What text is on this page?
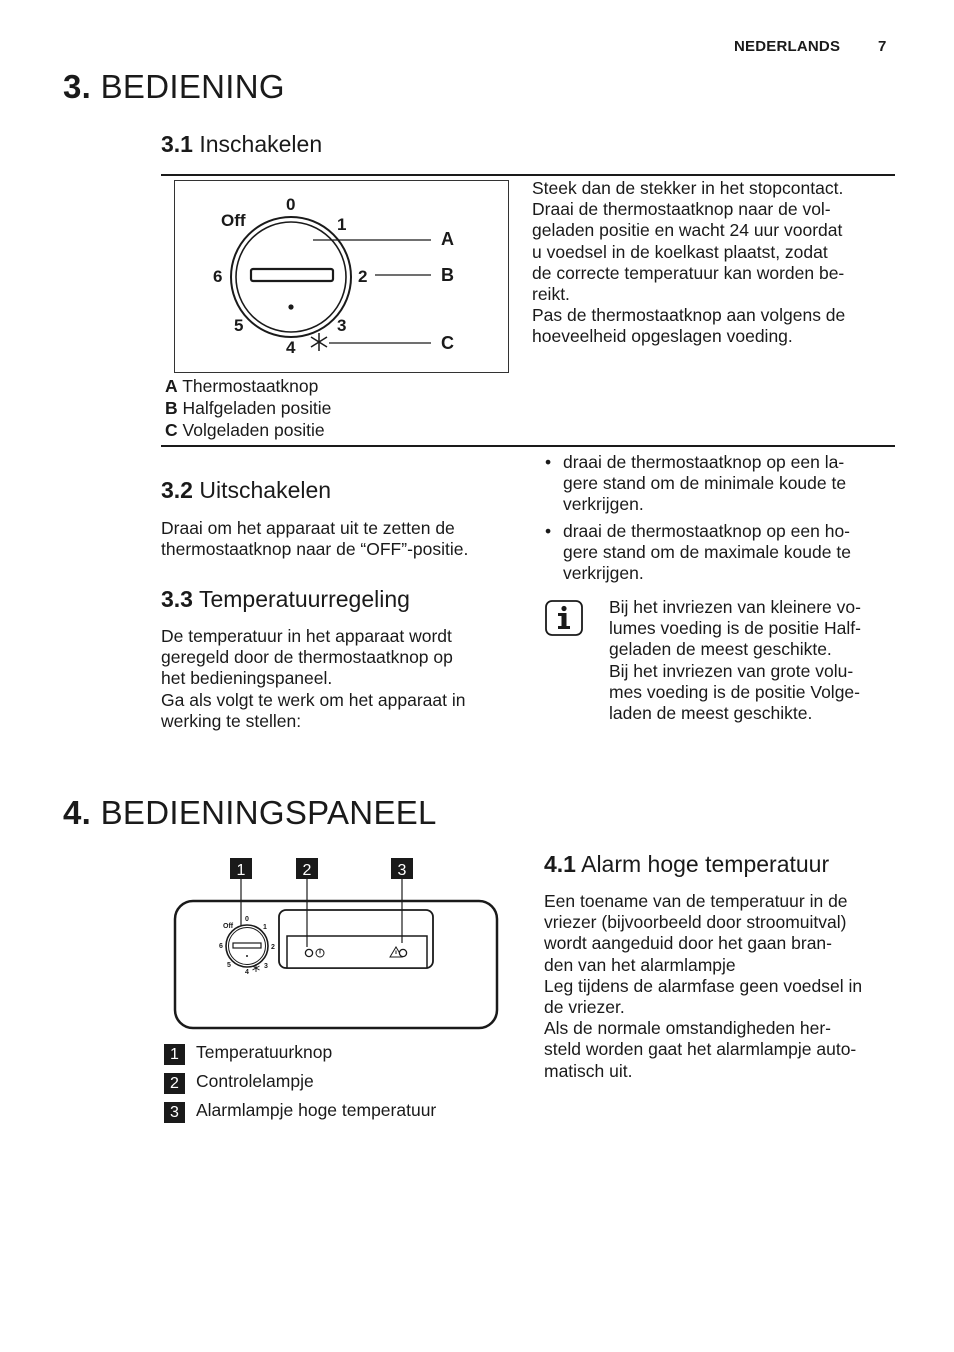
NEDERLANDS	7
3. BEDIENING
3.1 Inschakelen
Off
0
1
2
3
4
5
6
A
B
C
A Thermostaatknop
B Halfgeladen positie
C Volgeladen positie
Steek dan de stekker in het stopcontact.
Draai de thermostaatknop naar de vol-
geladen positie en wacht 24 uur voordat
u voedsel in de koelkast plaatst, zodat
de correcte temperatuur kan worden be-
reikt.
Pas de thermostaatknop aan volgens de
hoeveelheid opgeslagen voeding.
3.2 Uitschakelen
Draai om het apparaat uit te zetten de
thermostaatknop naar de “OFF”-positie.
3.3 Temperatuurregeling
De temperatuur in het apparaat wordt
geregeld door de thermostaatknop op
het bedieningspaneel.
Ga als volgt te werk om het apparaat in
werking te stellen:
• draai de thermostaatknop op een la-
gere stand om de minimale koude te
verkrijgen.
• draai de thermostaatknop op een ho-
gere stand om de maximale koude te
verkrijgen.
Bij het invriezen van kleinere vo-
lumes voeding is de positie Half-
geladen de meest geschikte.
Bij het invriezen van grote volu-
mes voeding is de positie Volge-
laden de meest geschikte.
4. BEDIENINGSPANEEL
1	2	3
Off
0
1
2
3
4
5
6
1 Temperatuurknop
2 Controlelampje
3 Alarmlampje hoge temperatuur
4.1 Alarm hoge temperatuur
Een toename van de temperatuur in de
vriezer (bijvoorbeeld door stroomuitval)
wordt aangeduid door het gaan bran-
den van het alarmlampje
Leg tijdens de alarmfase geen voedsel in
de vriezer.
Als de normale omstandigheden her-
steld worden gaat het alarmlampje auto-
matisch uit.
